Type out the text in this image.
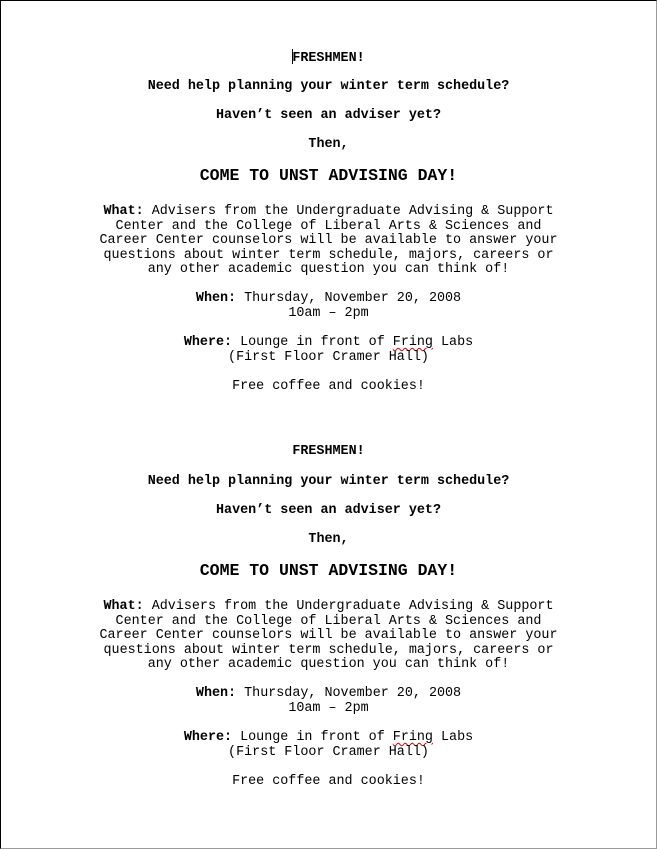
FRESHMEN!
Need help planning your winter term schedule?
Haven’t seen an adviser yet?
Then,
COME TO UNST ADVISING DAY!
What: Advisers from the Undergraduate Advising & Support
Center and the College of Liberal Arts & Sciences and
Career Center counselors will be available to answer your
questions about winter term schedule, majors, careers or
any other academic question you can think of!
When: Thursday, November 20, 2008
10am – 2pm
Where: Lounge in front of Fring Labs
(First Floor Cramer Hall)
Free coffee and cookies!
FRESHMEN!
Need help planning your winter term schedule?
Haven’t seen an adviser yet?
Then,
COME TO UNST ADVISING DAY!
What: Advisers from the Undergraduate Advising & Support
Center and the College of Liberal Arts & Sciences and
Career Center counselors will be available to answer your
questions about winter term schedule, majors, careers or
any other academic question you can think of!
When: Thursday, November 20, 2008
10am – 2pm
Where: Lounge in front of Fring Labs
(First Floor Cramer Hall)
Free coffee and cookies!
